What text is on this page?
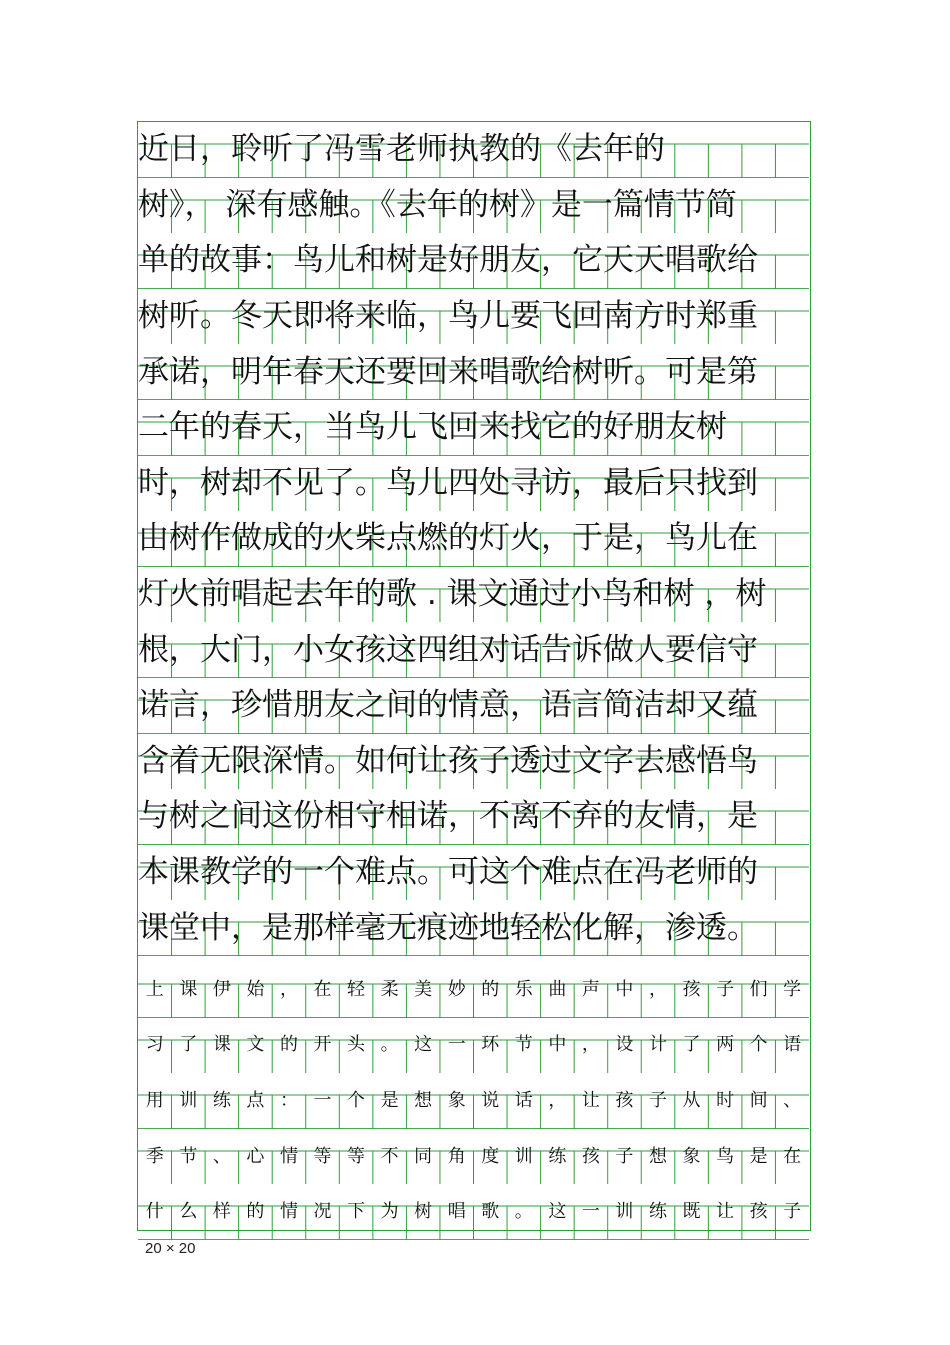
近日，聆听了冯雪老师执教的《去年的
树》， 深有感触。《去年的树》是一篇情节简
单的故事：鸟儿和树是好朋友，它天天唱歌给
树听。冬天即将来临，鸟儿要飞回南方时郑重
承诺，明年春天还要回来唱歌给树听。可是第
二年的春天，当鸟儿飞回来找它的好朋友树
时，树却不见了。鸟儿四处寻访，最后只找到
由树作做成的火柴点燃的灯火，于是，鸟儿在
灯火前唱起去年的歌 . 课文通过小鸟和树 ，树
根，大门，小女孩这四组对话告诉做人要信守
诺言，珍惜朋友之间的情意，语言简洁却又蕴
含着无限深情。如何让孩子透过文字去感悟鸟
与树之间这份相守相诺，不离不弃的友情，是
本课教学的一个难点。可这个难点在冯老师的
课堂中，是那样毫无痕迹地轻松化解，渗透。
上 课 伊 始 ， 在 轻 柔 美 妙 的 乐 曲 声 中 ， 孩 子 们 学
习 了 课 文 的 开 头 。 这 一 环 节 中 ， 设 计 了 两 个 语
用 训 练 点 ： 一 个 是 想 象 说 话 ， 让 孩 子 从 时 间 、
季 节 、 心 情 等 等 不 同 角 度 训 练 孩 子 想 象 鸟 是 在
什 么 样 的 情 况 下 为 树 唱 歌 。 这 一 训 练 既 让 孩 子
20 × 20
